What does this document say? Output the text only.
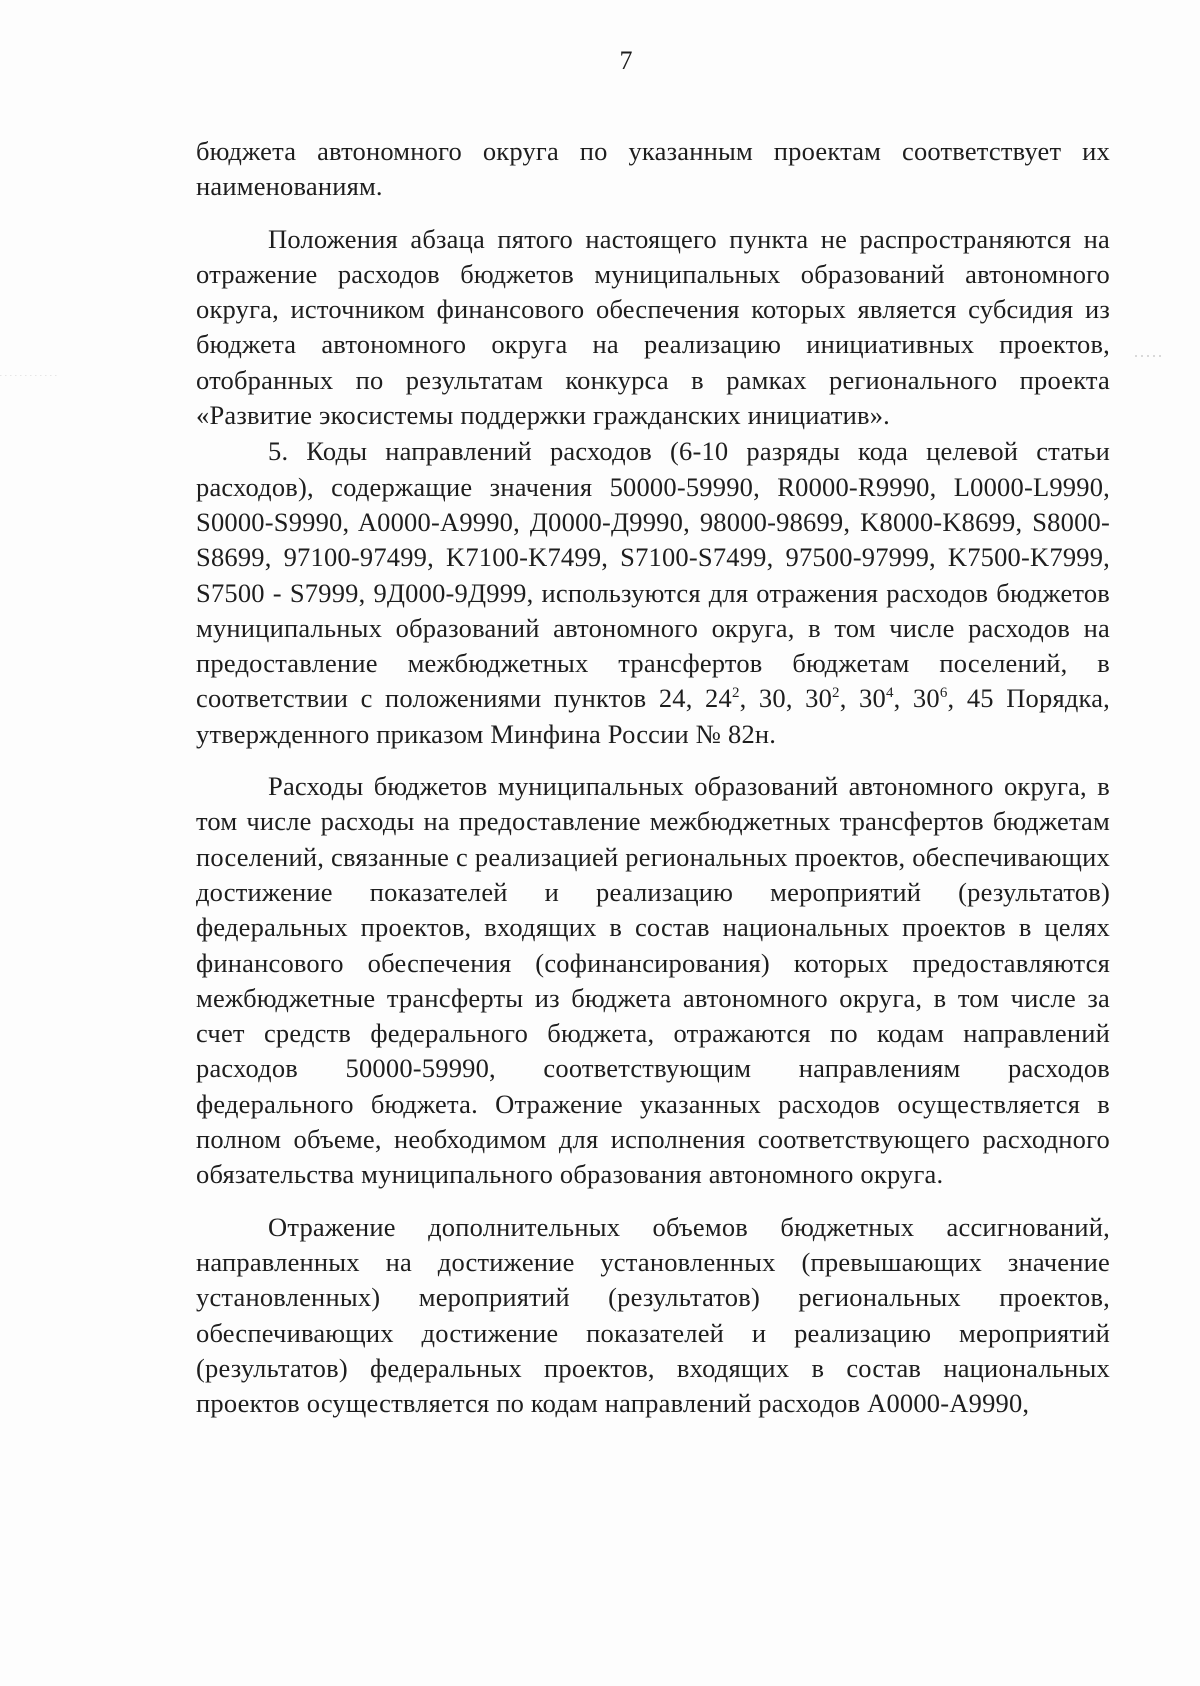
7

бюджета автономного округа по указанным проектам соответствует их наименованиям.

Положения абзаца пятого настоящего пункта не распространяются на отражение расходов бюджетов муниципальных образований автономного округа, источником финансового обеспечения которых является субсидия из бюджета автономного округа на реализацию инициативных проектов, отобранных по результатам конкурса в рамках регионального проекта «Развитие экосистемы поддержки гражданских инициатив».

5. Коды направлений расходов (6-10 разряды кода целевой статьи расходов), содержащие значения 50000-59990, R0000-R9990, L0000-L9990, S0000-S9990, A0000-A9990, Д0000-Д9990, 98000-98699, K8000-K8699, S8000-S8699, 97100-97499, K7100-K7499, S7100-S7499, 97500-97999, K7500-K7999, S7500 - S7999, 9Д000-9Д999, используются для отражения расходов бюджетов муниципальных образований автономного округа, в том числе расходов на предоставление межбюджетных трансфертов бюджетам поселений, в соответствии с положениями пунктов 24, $24^2$, 30, $30^2$, $30^4$, $30^6$, 45 Порядка, утвержденного приказом Минфина России № 82н.

Расходы бюджетов муниципальных образований автономного округа, в том числе расходы на предоставление межбюджетных трансфертов бюджетам поселений, связанные с реализацией региональных проектов, обеспечивающих достижение показателей и реализацию мероприятий (результатов) федеральных проектов, входящих в состав национальных проектов в целях финансового обеспечения (софинансирования) которых предоставляются межбюджетные трансферты из бюджета автономного округа, в том числе за счет средств федерального бюджета, отражаются по кодам направлений расходов 50000-59990, соответствующим направлениям расходов федерального бюджета. Отражение указанных расходов осуществляется в полном объеме, необходимом для исполнения соответствующего расходного обязательства муниципального образования автономного округа.

Отражение дополнительных объемов бюджетных ассигнований, направленных на достижение установленных (превышающих значение установленных) мероприятий (результатов) региональных проектов, обеспечивающих достижение показателей и реализацию мероприятий (результатов) федеральных проектов, входящих в состав национальных проектов осуществляется по кодам направлений расходов A0000-A9990,
